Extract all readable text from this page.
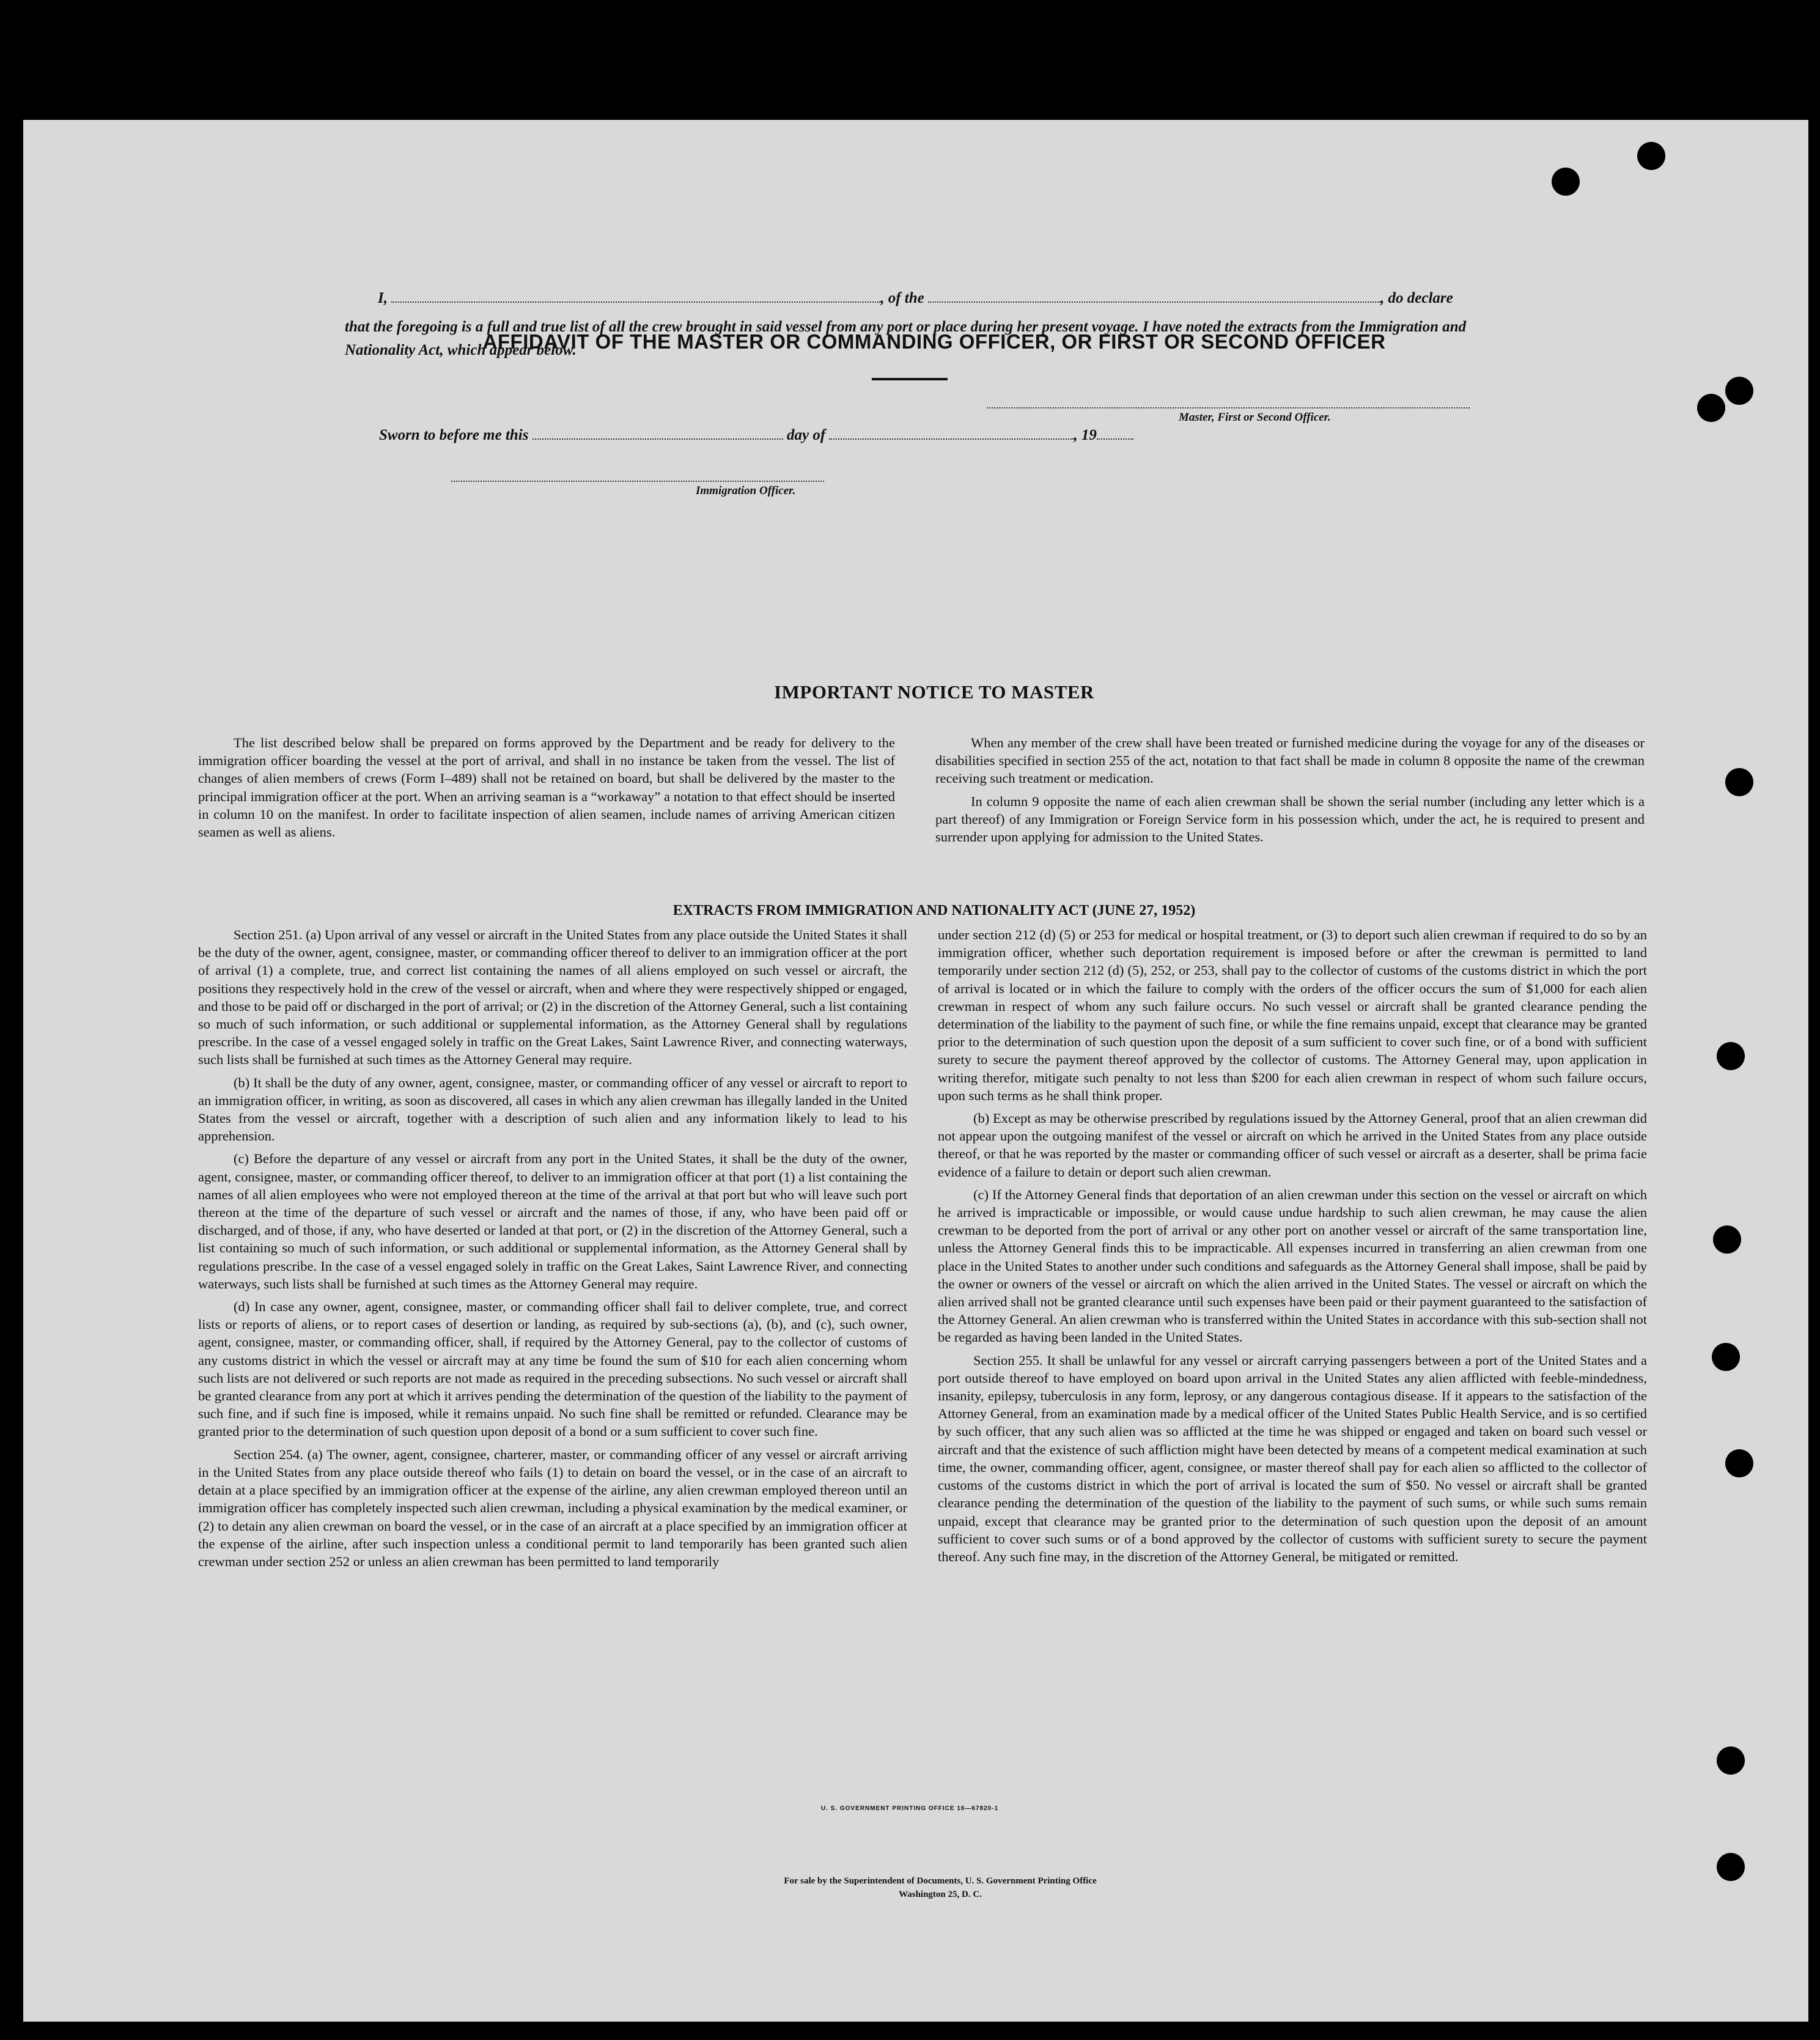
AFFIDAVIT OF THE MASTER OR COMMANDING OFFICER, OR FIRST OR SECOND OFFICER
I,	, of the	, do declare
that the foregoing is a full and true list of all the crew brought in said vessel from any port or place during her present voyage. I have noted the extracts from the Immigration and Nationality Act, which appear below.
Master, First or Second Officer.
Sworn to before me this	day of	, 19
Immigration Officer.
IMPORTANT NOTICE TO MASTER

The list described below shall be prepared on forms approved by the Department and be ready for delivery to the immigration officer boarding the vessel at the port of arrival, and shall in no instance be taken from the vessel. The list of changes of alien members of crews (Form I–489) shall not be retained on board, but shall be delivered by the master to the principal immigration officer at the port. When an arriving seaman is a “workaway” a notation to that effect should be inserted in column 10 on the manifest. In order to facilitate inspection of alien seamen, include names of arriving American citizen seamen as well as aliens.

When any member of the crew shall have been treated or furnished medicine during the voyage for any of the diseases or disabilities specified in section 255 of the act, notation to that fact shall be made in column 8 opposite the name of the crewman receiving such treatment or medication.

In column 9 opposite the name of each alien crewman shall be shown the serial number (including any letter which is a part thereof) of any Immigration or Foreign Service form in his possession which, under the act, he is required to present and surrender upon applying for admission to the United States.

EXTRACTS FROM IMMIGRATION AND NATIONALITY ACT (JUNE 27, 1952)

Section 251. (a) Upon arrival of any vessel or aircraft in the United States from any place outside the United States it shall be the duty of the owner, agent, consignee, master, or commanding officer thereof to deliver to an immigration officer at the port of arrival (1) a complete, true, and correct list containing the names of all aliens employed on such vessel or aircraft, the positions they respectively hold in the crew of the vessel or aircraft, when and where they were respectively shipped or engaged, and those to be paid off or discharged in the port of arrival; or (2) in the discretion of the Attorney General, such a list containing so much of such information, or such additional or supplemental information, as the Attorney General shall by regulations prescribe. In the case of a vessel engaged solely in traffic on the Great Lakes, Saint Lawrence River, and connecting waterways, such lists shall be furnished at such times as the Attorney General may require.

(b) It shall be the duty of any owner, agent, consignee, master, or commanding officer of any vessel or aircraft to report to an immigration officer, in writing, as soon as discovered, all cases in which any alien crewman has illegally landed in the United States from the vessel or aircraft, together with a description of such alien and any information likely to lead to his apprehension.

(c) Before the departure of any vessel or aircraft from any port in the United States, it shall be the duty of the owner, agent, consignee, master, or commanding officer thereof, to deliver to an immigration officer at that port (1) a list containing the names of all alien employees who were not employed thereon at the time of the arrival at that port but who will leave such port thereon at the time of the departure of such vessel or aircraft and the names of those, if any, who have been paid off or discharged, and of those, if any, who have deserted or landed at that port, or (2) in the discretion of the Attorney General, such a list containing so much of such information, or such additional or supplemental information, as the Attorney General shall by regulations prescribe. In the case of a vessel engaged solely in traffic on the Great Lakes, Saint Lawrence River, and connecting waterways, such lists shall be furnished at such times as the Attorney General may require.

(d) In case any owner, agent, consignee, master, or commanding officer shall fail to deliver complete, true, and correct lists or reports of aliens, or to report cases of desertion or landing, as required by sub-sections (a), (b), and (c), such owner, agent, consignee, master, or commanding officer, shall, if required by the Attorney General, pay to the collector of customs of any customs district in which the vessel or aircraft may at any time be found the sum of $10 for each alien concerning whom such lists are not delivered or such reports are not made as required in the preceding subsections. No such vessel or aircraft shall be granted clearance from any port at which it arrives pending the determination of the question of the liability to the payment of such fine, and if such fine is imposed, while it remains unpaid. No such fine shall be remitted or refunded. Clearance may be granted prior to the determination of such question upon deposit of a bond or a sum sufficient to cover such fine.

Section 254. (a) The owner, agent, consignee, charterer, master, or commanding officer of any vessel or aircraft arriving in the United States from any place outside thereof who fails (1) to detain on board the vessel, or in the case of an aircraft to detain at a place specified by an immigration officer at the expense of the airline, any alien crewman employed thereon until an immigration officer has completely inspected such alien crewman, including a physical examination by the medical examiner, or (2) to detain any alien crewman on board the vessel, or in the case of an aircraft at a place specified by an immigration officer at the expense of the airline, after such inspection unless a conditional permit to land temporarily has been granted such alien crewman under section 252 or unless an alien crewman has been permitted to land temporarily

under section 212 (d) (5) or 253 for medical or hospital treatment, or (3) to deport such alien crewman if required to do so by an immigration officer, whether such deportation requirement is imposed before or after the crewman is permitted to land temporarily under section 212 (d) (5), 252, or 253, shall pay to the collector of customs of the customs district in which the port of arrival is located or in which the failure to comply with the orders of the officer occurs the sum of $1,000 for each alien crewman in respect of whom any such failure occurs. No such vessel or aircraft shall be granted clearance pending the determination of the liability to the payment of such fine, or while the fine remains unpaid, except that clearance may be granted prior to the determination of such question upon the deposit of a sum sufficient to cover such fine, or of a bond with sufficient surety to secure the payment thereof approved by the collector of customs. The Attorney General may, upon application in writing therefor, mitigate such penalty to not less than $200 for each alien crewman in respect of whom such failure occurs, upon such terms as he shall think proper.

(b) Except as may be otherwise prescribed by regulations issued by the Attorney General, proof that an alien crewman did not appear upon the outgoing manifest of the vessel or aircraft on which he arrived in the United States from any place outside thereof, or that he was reported by the master or commanding officer of such vessel or aircraft as a deserter, shall be prima facie evidence of a failure to detain or deport such alien crewman.

(c) If the Attorney General finds that deportation of an alien crewman under this section on the vessel or aircraft on which he arrived is impracticable or impossible, or would cause undue hardship to such alien crewman, he may cause the alien crewman to be deported from the port of arrival or any other port on another vessel or aircraft of the same transportation line, unless the Attorney General finds this to be impracticable. All expenses incurred in transferring an alien crewman from one place in the United States to another under such conditions and safeguards as the Attorney General shall impose, shall be paid by the owner or owners of the vessel or aircraft on which the alien arrived in the United States. The vessel or aircraft on which the alien arrived shall not be granted clearance until such expenses have been paid or their payment guaranteed to the satisfaction of the Attorney General. An alien crewman who is transferred within the United States in accordance with this sub-section shall not be regarded as having been landed in the United States.

Section 255. It shall be unlawful for any vessel or aircraft carrying passengers between a port of the United States and a port outside thereof to have employed on board upon arrival in the United States any alien afflicted with feeble-mindedness, insanity, epilepsy, tuberculosis in any form, leprosy, or any dangerous contagious disease. If it appears to the satisfaction of the Attorney General, from an examination made by a medical officer of the United States Public Health Service, and is so certified by such officer, that any such alien was so afflicted at the time he was shipped or engaged and taken on board such vessel or aircraft and that the existence of such affliction might have been detected by means of a competent medical examination at such time, the owner, commanding officer, agent, consignee, or master thereof shall pay for each alien so afflicted to the collector of customs of the customs district in which the port of arrival is located the sum of $50. No vessel or aircraft shall be granted clearance pending the determination of the question of the liability to the payment of such sums, or while such sums remain unpaid, except that clearance may be granted prior to the determination of such question upon the deposit of an amount sufficient to cover such sums or of a bond approved by the collector of customs with sufficient surety to secure the payment thereof. Any such fine may, in the discretion of the Attorney General, be mitigated or remitted.

U. S. GOVERNMENT PRINTING OFFICE 16—67820-1
For sale by the Superintendent of Documents, U. S. Government Printing Office
Washington 25, D. C.
